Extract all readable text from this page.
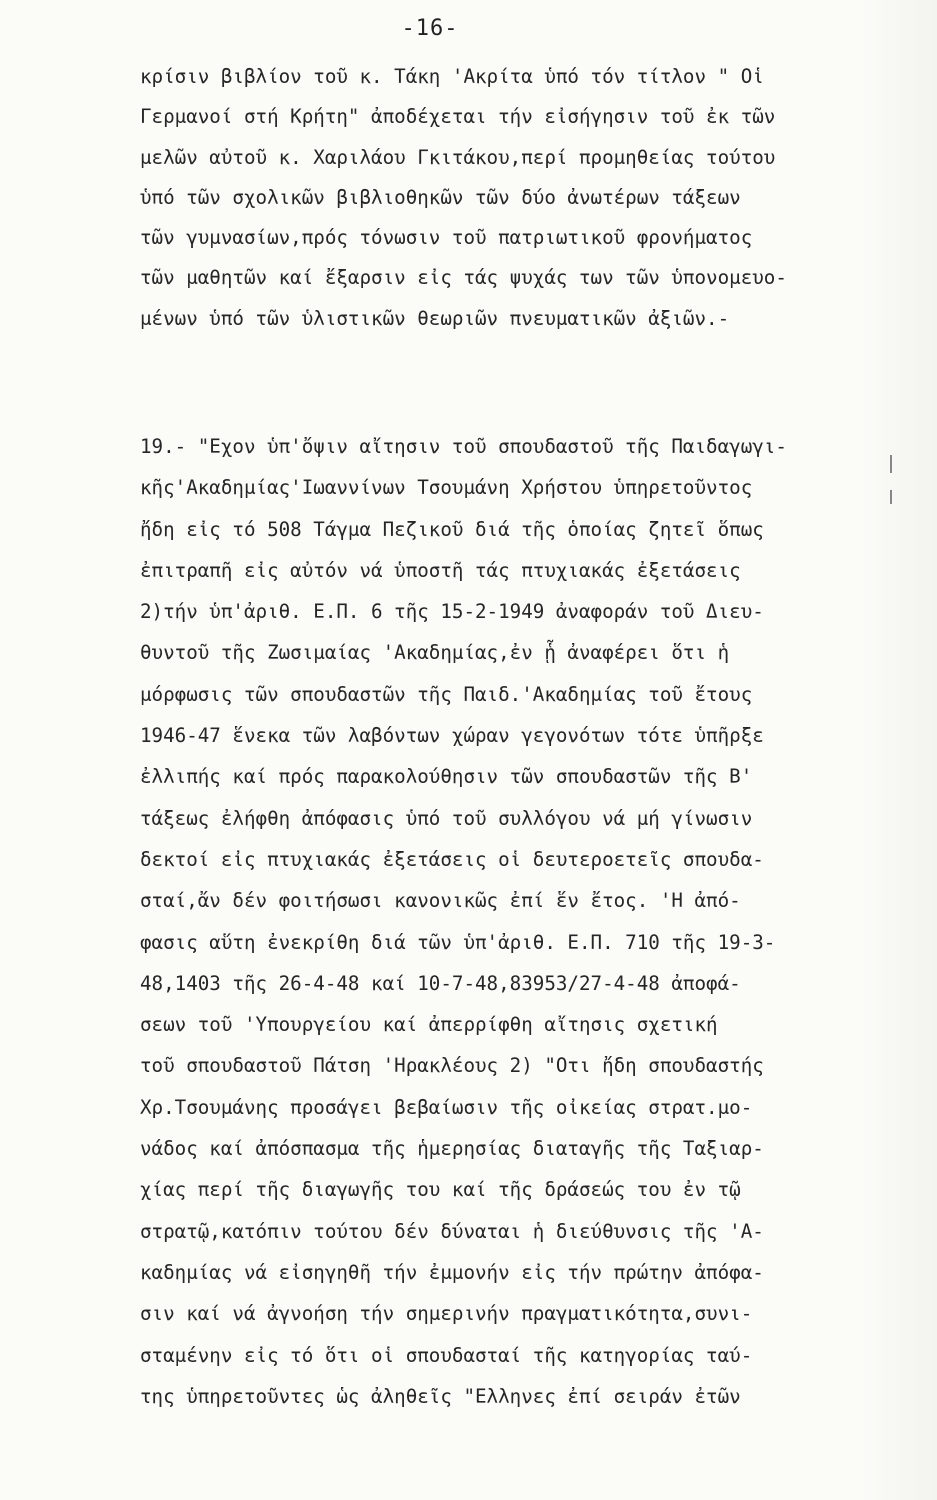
-16-
κρίσιν βιβλίον τοῦ κ. Τάκη 'Ακρίτα ὑπό τόν τίτλον " Οἱ
Γερμανοί στή Κρήτη" ἀποδέχεται τήν εἰσήγησιν τοῦ ἐκ τῶν
μελῶν αὐτοῦ κ. Χαριλάου Γκιτάκου,περί προμηθείας τούτου
ὑπό τῶν σχολικῶν βιβλιοθηκῶν τῶν δύο ἀνωτέρων τάξεων
τῶν γυμνασίων,πρός τόνωσιν τοῦ πατριωτικοῦ φρονήματος
τῶν μαθητῶν καί ἔξαρσιν εἰς τάς ψυχάς των τῶν ὑπονομευο-
μένων ὑπό τῶν ὑλιστικῶν θεωριῶν πνευματικῶν ἀξιῶν.-
19.- "Εχον ὑπ'ὄψιν αἴτησιν τοῦ σπουδαστοῦ τῆς Παιδαγωγι-
κῆς'Ακαδημίας'Ιωαννίνων Τσουμάνη Χρήστου ὑπηρετοῦντος
ἤδη εἰς τό 508 Τάγμα Πεζικοῦ διά τῆς ὁποίας ζητεῖ ὅπως
ἐπιτραπῆ εἰς αὐτόν νά ὑποστῆ τάς πτυχιακάς ἐξετάσεις
2)τήν ὑπ'ἀριθ. Ε.Π. 6 τῆς 15-2-1949 ἀναφοράν τοῦ Διευ-
θυντοῦ τῆς Ζωσιμαίας 'Ακαδημίας,ἐν ᾗ ἀναφέρει ὅτι ἡ
μόρφωσις τῶν σπουδαστῶν τῆς Παιδ.'Ακαδημίας τοῦ ἔτους
1946-47 ἕνεκα τῶν λαβόντων χώραν γεγονότων τότε ὑπῆρξε
ἐλλιπής καί πρός παρακολούθησιν τῶν σπουδαστῶν τῆς Β'
τάξεως ἐλήφθη ἀπόφασις ὑπό τοῦ συλλόγου νά μή γίνωσιν
δεκτοί εἰς πτυχιακάς ἐξετάσεις οἱ δευτεροετεῖς σπουδα-
σταί,ἄν δέν φοιτήσωσι κανονικῶς ἐπί ἕν ἔτος. 'Η ἀπό-
φασις αὕτη ἐνεκρίθη διά τῶν ὑπ'ἀριθ. Ε.Π. 710 τῆς 19-3-
48,1403 τῆς 26-4-48 καί 10-7-48,83953/27-4-48 ἀποφά-
σεων τοῦ 'Υπουργείου καί ἀπερρίφθη αἴτησις σχετική
τοῦ σπουδαστοῦ Πάτση 'Ηρακλέους 2) "Οτι ἤδη σπουδαστής
Χρ.Τσουμάνης προσάγει βεβαίωσιν τῆς οἰκείας στρατ.μο-
νάδος καί ἀπόσπασμα τῆς ἡμερησίας διαταγῆς τῆς Ταξιαρ-
χίας περί τῆς διαγωγῆς του καί τῆς δράσεώς του ἐν τῷ
στρατῷ,κατόπιν τούτου δέν δύναται ἡ διεύθυνσις τῆς 'Α-
καδημίας νά εἰσηγηθῆ τήν ἐμμονήν εἰς τήν πρώτην ἀπόφα-
σιν καί νά ἀγνοήση τήν σημερινήν πραγματικότητα,συνι-
σταμένην εἰς τό ὅτι οἱ σπουδασταί τῆς κατηγορίας ταύ-
της ὑπηρετοῦντες ὡς ἀληθεῖς "Ελληνες ἐπί σειράν ἐτῶν
